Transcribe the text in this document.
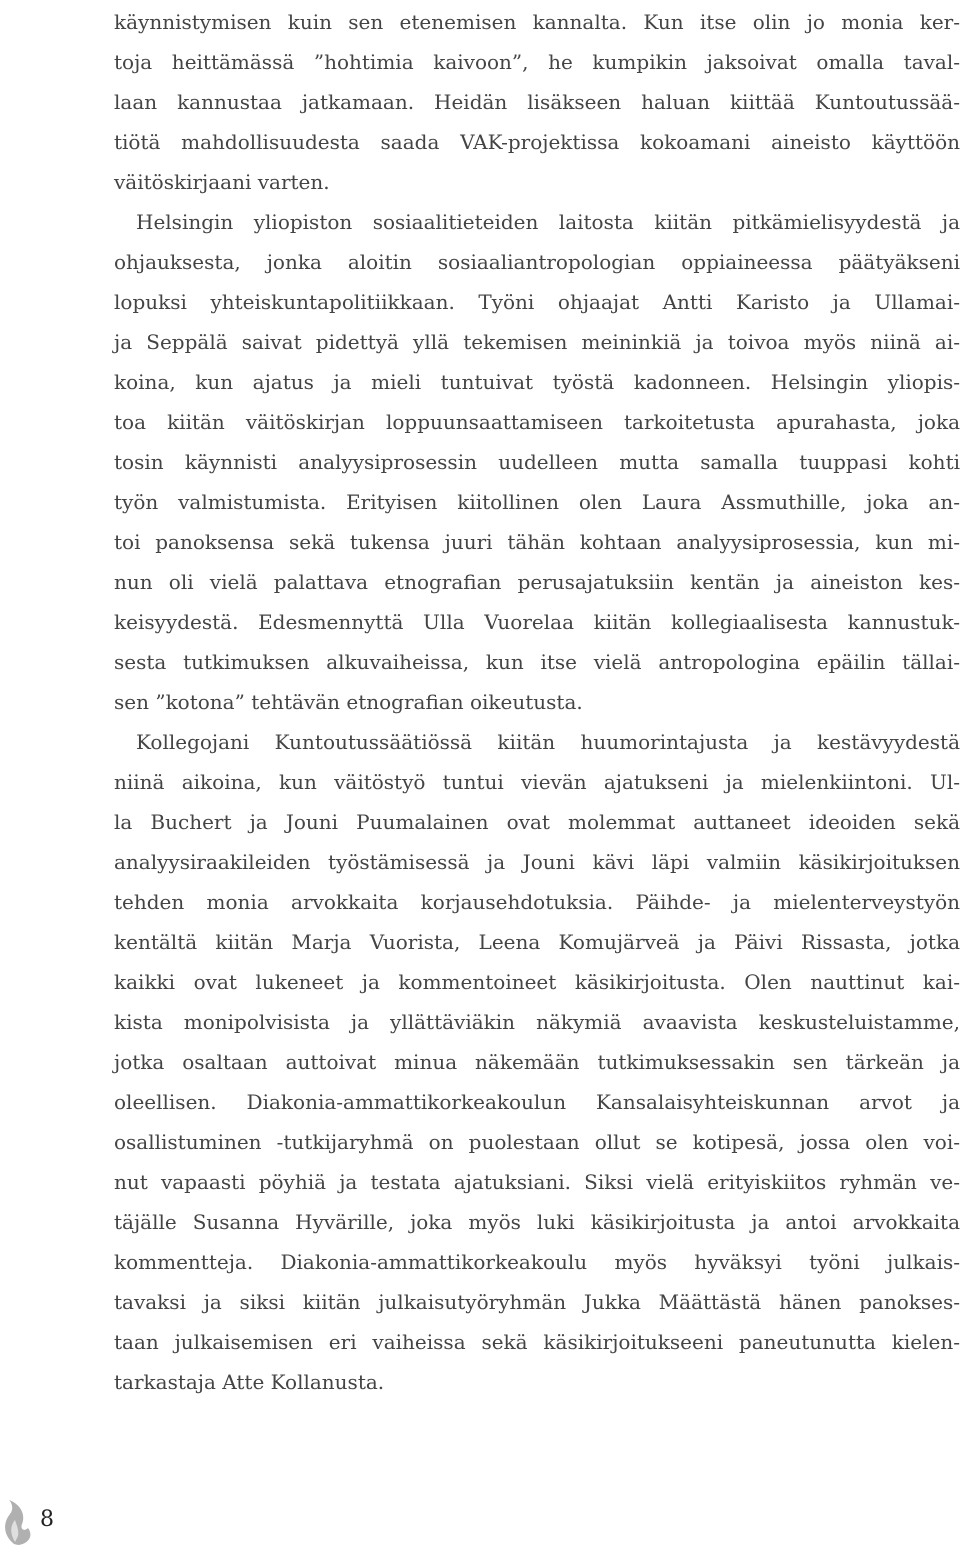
käynnistymisen kuin sen etenemisen kannalta. Kun itse olin jo monia ker-
toja heittämässä ”hohtimia kaivoon”, he kumpikin jaksoivat omalla taval-
laan kannustaa jatkamaan. Heidän lisäkseen haluan kiittää Kuntoutussää-
tiötä mahdollisuudesta saada VAK-projektissa kokoamani aineisto käyttöön
väitöskirjaani varten.
Helsingin yliopiston sosiaalitieteiden laitosta kiitän pitkämielisyydestä ja
ohjauksesta, jonka aloitin sosiaaliantropologian oppiaineessa päätyäkseni
lopuksi yhteiskuntapolitiikkaan. Työni ohjaajat Antti Karisto ja Ullamai-
ja Seppälä saivat pidettyä yllä tekemisen meininkiä ja toivoa myös niinä ai-
koina, kun ajatus ja mieli tuntuivat työstä kadonneen. Helsingin yliopis-
toa kiitän väitöskirjan loppuunsaattamiseen tarkoitetusta apurahasta, joka
tosin käynnisti analyysiprosessin uudelleen mutta samalla tuuppasi kohti
työn valmistumista. Erityisen kiitollinen olen Laura Assmuthille, joka an-
toi panoksensa sekä tukensa juuri tähän kohtaan analyysiprosessia, kun mi-
nun oli vielä palattava etnografian perusajatuksiin kentän ja aineiston kes-
keisyydestä. Edesmennyttä Ulla Vuorelaa kiitän kollegiaalisesta kannustuk-
sesta tutkimuksen alkuvaiheissa, kun itse vielä antropologina epäilin tällai-
sen ”kotona” tehtävän etnografian oikeutusta.
Kollegojani Kuntoutussäätiössä kiitän huumorintajusta ja kestävyydestä
niinä aikoina, kun väitöstyö tuntui vievän ajatukseni ja mielenkiintoni. Ul-
la Buchert ja Jouni Puumalainen ovat molemmat auttaneet ideoiden sekä
analyysiraakileiden työstämisessä ja Jouni kävi läpi valmiin käsikirjoituksen
tehden monia arvokkaita korjausehdotuksia. Päihde- ja mielenterveystyön
kentältä kiitän Marja Vuorista, Leena Komujärveä ja Päivi Rissasta, jotka
kaikki ovat lukeneet ja kommentoineet käsikirjoitusta. Olen nauttinut kai-
kista monipolvisista ja yllättäviäkin näkymiä avaavista keskusteluistamme,
jotka osaltaan auttoivat minua näkemään tutkimuksessakin sen tärkeän ja
oleellisen. Diakonia-ammattikorkeakoulun Kansalaisyhteiskunnan arvot ja
osallistuminen -tutkijaryhmä on puolestaan ollut se kotipesä, jossa olen voi-
nut vapaasti pöyhiä ja testata ajatuksiani. Siksi vielä erityiskiitos ryhmän ve-
täjälle Susanna Hyvärille, joka myös luki käsikirjoitusta ja antoi arvokkaita
kommentteja. Diakonia-ammattikorkeakoulu myös hyväksyi työni julkais-
tavaksi ja siksi kiitän julkaisutyöryhmän Jukka Määttästä hänen panokses-
taan julkaisemisen eri vaiheissa sekä käsikirjoitukseeni paneutunutta kielen-
tarkastaja Atte Kollanusta.
8
